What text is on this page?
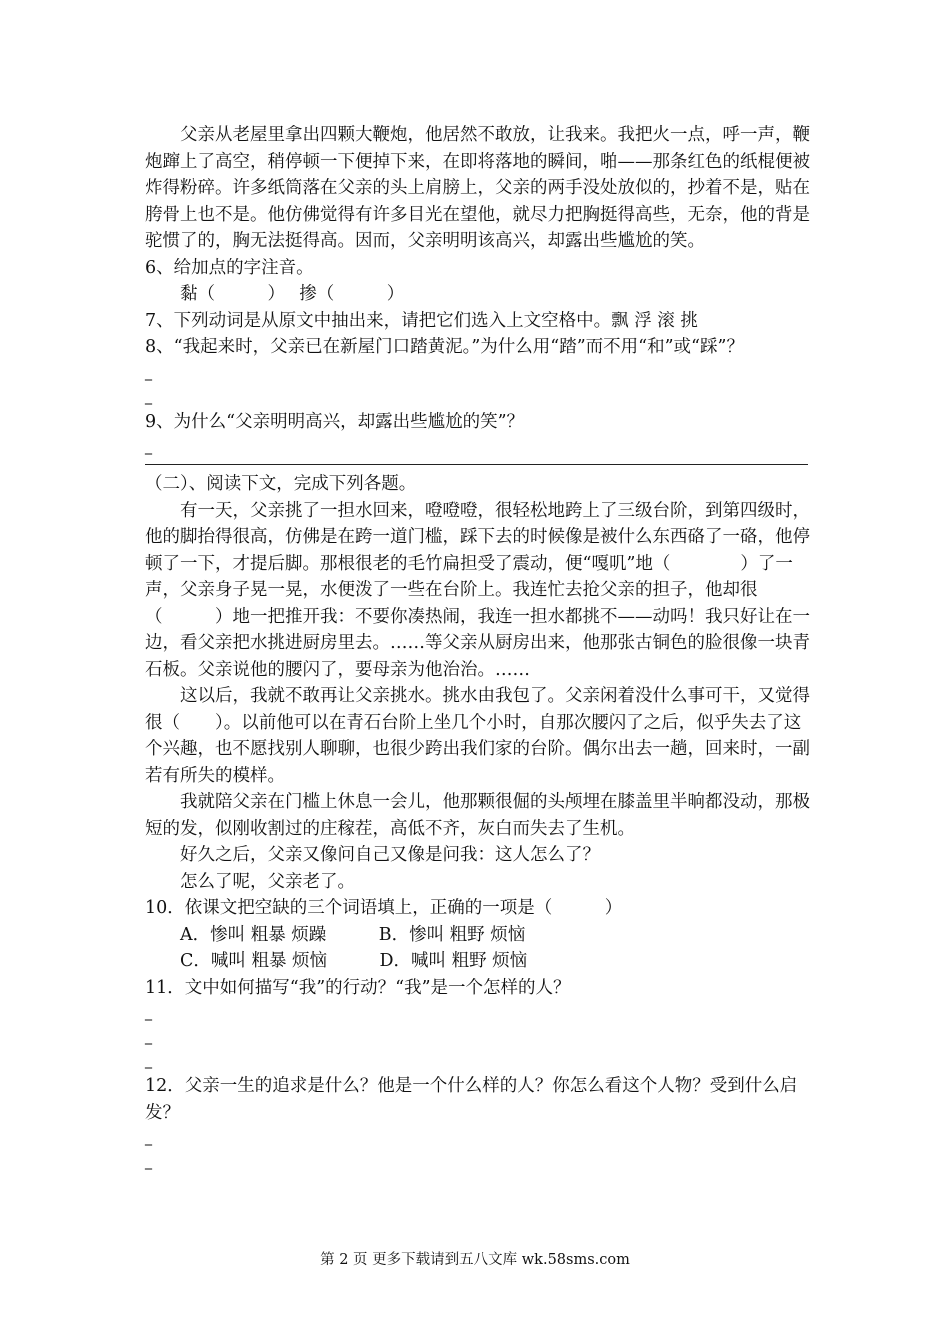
父亲从老屋里拿出四颗大鞭炮，他居然不敢放，让我来。我把火一点，呼一声，鞭炮蹿上了高空，稍停顿一下便掉下来，在即将落地的瞬间，啪——那条红色的纸棍便被炸得粉碎。许多纸筒落在父亲的头上肩膀上，父亲的两手没处放似的，抄着不是，贴在胯骨上也不是。他仿佛觉得有许多目光在望他，就尽力把胸挺得高些，无奈，他的背是驼惯了的，胸无法挺得高。因而，父亲明明该高兴，却露出些尴尬的笑。

6、给加点的字注音。

黏（　　　）　 掺（　　　）

7、下列动词是从原文中抽出来，请把它们选入上文空格中。飘 浮 滚 挑

8、“我起来时，父亲已在新屋门口踏黄泥。”为什么用“踏”而不用“和”或“踩”？

_
_

9、为什么“父亲明明高兴，却露出些尴尬的笑”？

_

（二）、阅读下文，完成下列各题。

有一天，父亲挑了一担水回来，噔噔噔，很轻松地跨上了三级台阶，到第四级时，他的脚抬得很高，仿佛是在跨一道门槛，踩下去的时候像是被什么东西硌了一硌，他停顿了一下，才提后脚。那根很老的毛竹扁担受了震动，便“嘎叽”地（　　　　）了一声，父亲身子晃一晃，水便泼了一些在台阶上。我连忙去抢父亲的担子，他却很（　　　）地一把推开我：不要你凑热闹，我连一担水都挑不——动吗！我只好让在一边，看父亲把水挑进厨房里去。……等父亲从厨房出来，他那张古铜色的脸很像一块青石板。父亲说他的腰闪了，要母亲为他治治。……

这以后，我就不敢再让父亲挑水。挑水由我包了。父亲闲着没什么事可干，又觉得很（　　）。以前他可以在青石台阶上坐几个小时，自那次腰闪了之后，似乎失去了这个兴趣，也不愿找别人聊聊，也很少跨出我们家的台阶。偶尔出去一趟，回来时，一副若有所失的模样。

我就陪父亲在门槛上休息一会儿，他那颗很倔的头颅埋在膝盖里半晌都没动，那极短的发，似刚收割过的庄稼茬，高低不齐，灰白而失去了生机。

好久之后，父亲又像问自己又像是问我：这人怎么了？

怎么了呢，父亲老了。

10．依课文把空缺的三个词语填上，正确的一项是（　　　）

A．惨叫 粗暴 烦躁　　　B．惨叫 粗野 烦恼

C．喊叫 粗暴 烦恼　　　D．喊叫 粗野 烦恼

11．文中如何描写“我”的行动？“我”是一个怎样的人？

_
_
_

12．父亲一生的追求是什么？他是一个什么样的人？你怎么看这个人物？受到什么启发？

_
_
第 2 页 更多下载请到五八文库 wk.58sms.com
